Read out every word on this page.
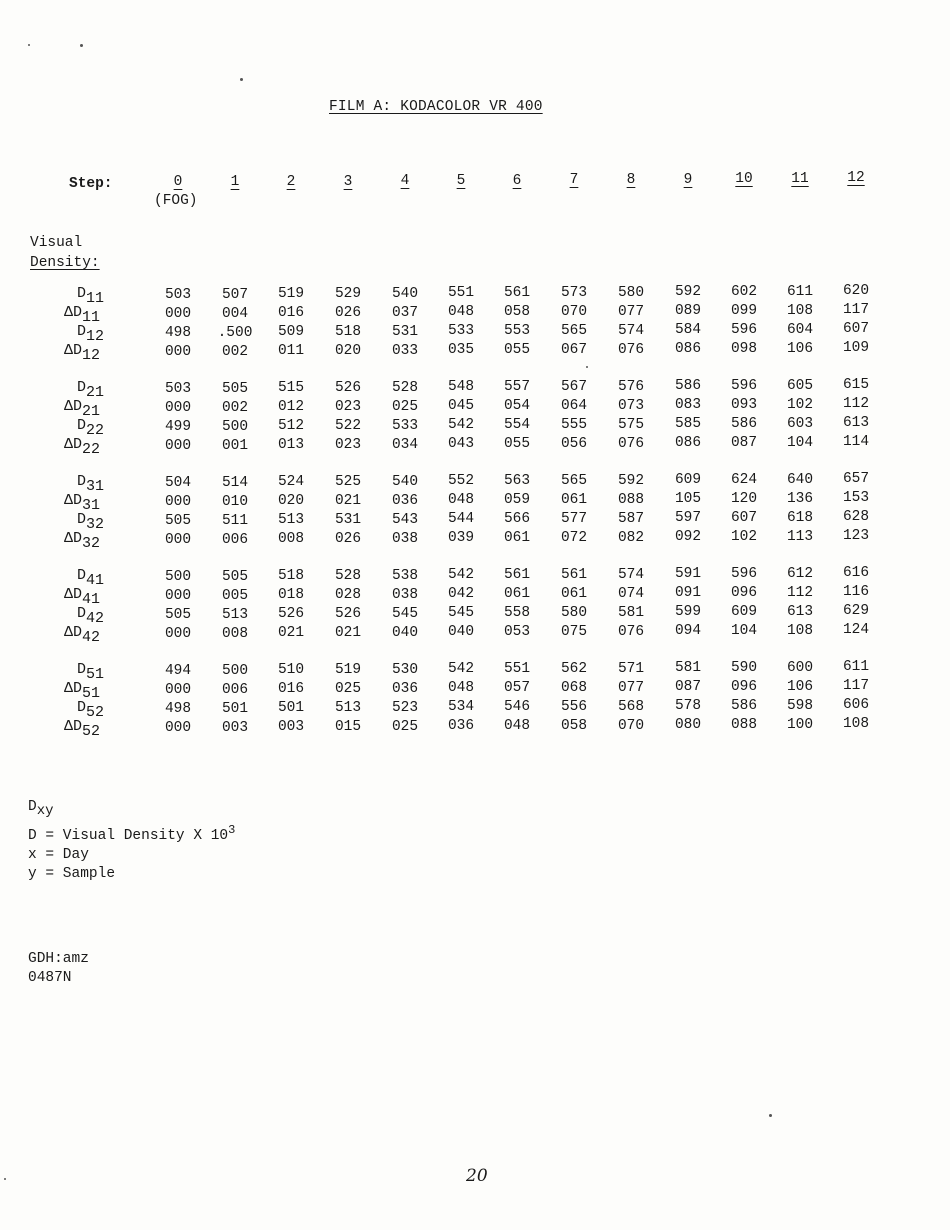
FILM A: KODACOLOR VR 400
Step:	0	1	2	3	4	5	6	7	8	9	10	11	12
(FOG)
Visual
Density:
$D_{11}$	503	507	519	529	540	551	561	573	580	592	602	611	620
$\Delta D_{11}$	000	004	016	026	037	048	058	070	077	089	099	108	117
$D_{12}$	498	.500	509	518	531	533	553	565	574	584	596	604	607
$\Delta D_{12}$	000	002	011	020	033	035	055	067	076	086	098	106	109
$D_{21}$	503	505	515	526	528	548	557	567	576	586	596	605	615
$\Delta D_{21}$	000	002	012	023	025	045	054	064	073	083	093	102	112
$D_{22}$	499	500	512	522	533	542	554	555	575	585	586	603	613
$\Delta D_{22}$	000	001	013	023	034	043	055	056	076	086	087	104	114
$D_{31}$	504	514	524	525	540	552	563	565	592	609	624	640	657
$\Delta D_{31}$	000	010	020	021	036	048	059	061	088	105	120	136	153
$D_{32}$	505	511	513	531	543	544	566	577	587	597	607	618	628
$\Delta D_{32}$	000	006	008	026	038	039	061	072	082	092	102	113	123
$D_{41}$	500	505	518	528	538	542	561	561	574	591	596	612	616
$\Delta D_{41}$	000	005	018	028	038	042	061	061	074	091	096	112	116
$D_{42}$	505	513	526	526	545	545	558	580	581	599	609	613	629
$\Delta D_{42}$	000	008	021	021	040	040	053	075	076	094	104	108	124
$D_{51}$	494	500	510	519	530	542	551	562	571	581	590	600	611
$\Delta D_{51}$	000	006	016	025	036	048	057	068	077	087	096	106	117
$D_{52}$	498	501	501	513	523	534	546	556	568	578	586	598	606
$\Delta D_{52}$	000	003	003	015	025	036	048	058	070	080	088	100	108
$D_{xy}$
D = Visual Density X $10^3$
x = Day
y = Sample
GDH:amz
0487N
20
